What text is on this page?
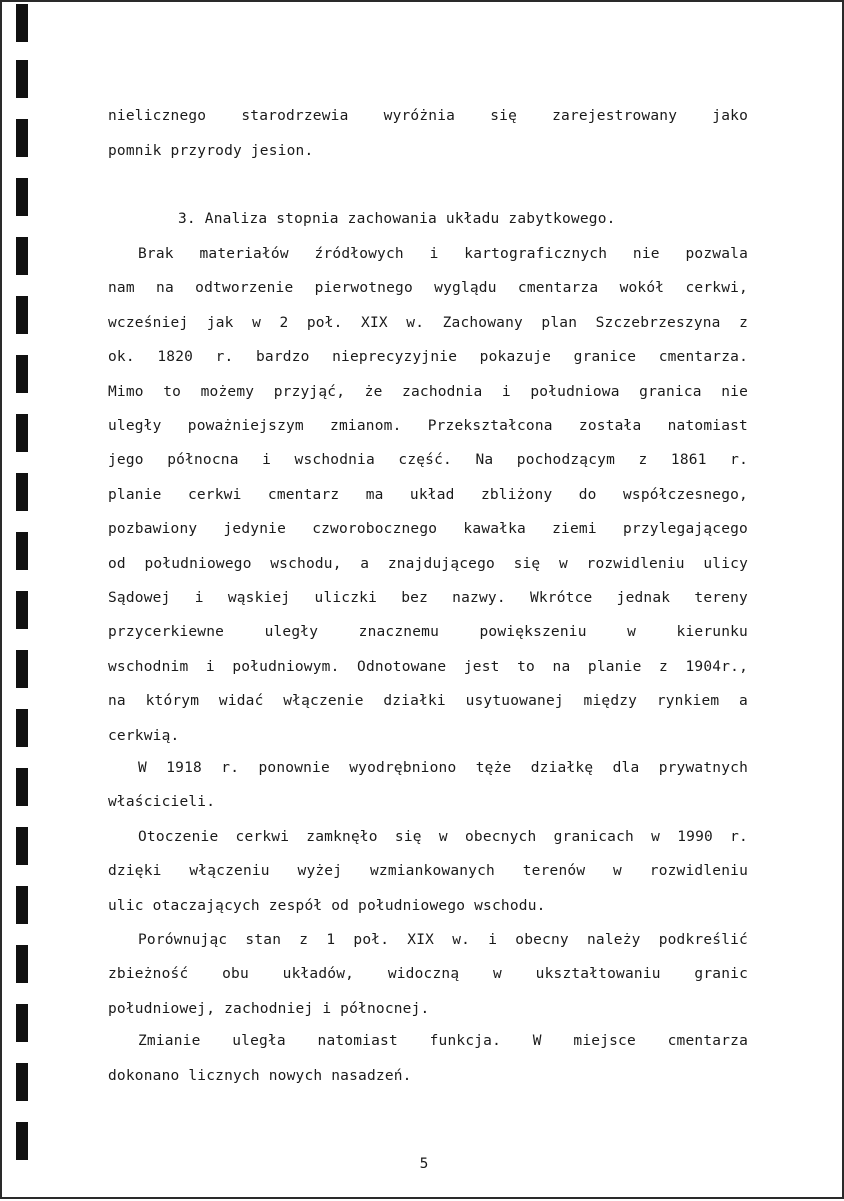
nielicznego starodrzewia wyróżnia się zarejestrowany jako
pomnik przyrody jesion.
3. Analiza stopnia zachowania układu zabytkowego.
Brak materiałów źródłowych i kartograficznych nie pozwala
nam na odtworzenie pierwotnego wyglądu cmentarza wokół cerkwi,
wcześniej jak w 2 poł. XIX w. Zachowany plan Szczebrzeszyna z
ok. 1820 r. bardzo nieprecyzyjnie pokazuje granice cmentarza.
Mimo to możemy przyjąć, że zachodnia i południowa granica nie
uległy poważniejszym zmianom. Przekształcona została natomiast
jego północna i wschodnia część. Na pochodzącym z 1861 r.
planie cerkwi cmentarz ma układ zbliżony do współczesnego,
pozbawiony jedynie czworobocznego kawałka ziemi przylegającego
od południowego wschodu, a znajdującego się w rozwidleniu ulicy
Sądowej i wąskiej uliczki bez nazwy. Wkrótce jednak tereny
przycerkiewne uległy znacznemu powiększeniu w kierunku
wschodnim i południowym. Odnotowane jest to na planie z 1904r.,
na którym widać włączenie działki usytuowanej między rynkiem a
cerkwią.
W 1918 r. ponownie wyodrębniono tęże działkę dla prywatnych
właścicieli.
Otoczenie cerkwi zamknęło się w obecnych granicach w 1990 r.
dzięki włączeniu wyżej wzmiankowanych terenów w rozwidleniu
ulic otaczających zespół od południowego wschodu.
Porównując stan z 1 poł. XIX w. i obecny należy podkreślić
zbieżność obu układów, widoczną w ukształtowaniu granic
południowej, zachodniej i północnej.
Zmianie uległa natomiast funkcja. W miejsce cmentarza
dokonano licznych nowych nasadzeń.
5
